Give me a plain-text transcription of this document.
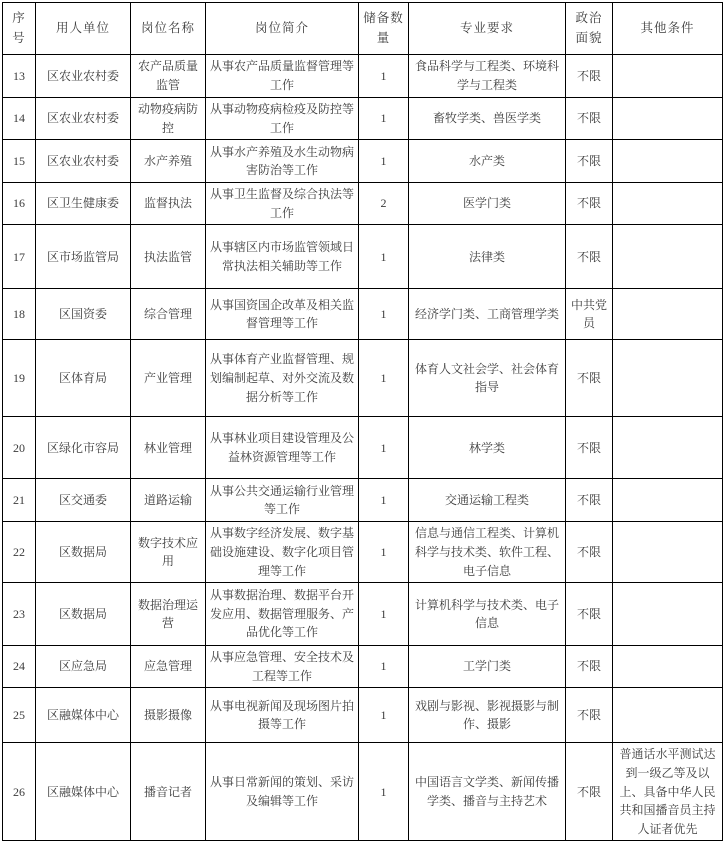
序号	用人单位	岗位名称	岗位简介	储备数量	专业要求	政治面貌	其他条件
13	区农业农村委	农产品质量监管	从事农产品质量监督管理等工作	1	食品科学与工程类、环境科学与工程类	不限	
14	区农业农村委	动物疫病防控	从事动物疫病检疫及防控等工作	1	畜牧学类、兽医学类	不限	
15	区农业农村委	水产养殖	从事水产养殖及水生动物病害防治等工作	1	水产类	不限	
16	区卫生健康委	监督执法	从事卫生监督及综合执法等工作	2	医学门类	不限	
17	区市场监管局	执法监管	从事辖区内市场监管领域日常执法相关辅助等工作	1	法律类	不限	
18	区国资委	综合管理	从事国资国企改革及相关监督管理等工作	1	经济学门类、工商管理学类	中共党员	
19	区体育局	产业管理	从事体育产业监督管理、规划编制起草、对外交流及数据分析等工作	1	体育人文社会学、社会体育指导	不限	
20	区绿化市容局	林业管理	从事林业项目建设管理及公益林资源管理等工作	1	林学类	不限	
21	区交通委	道路运输	从事公共交通运输行业管理等工作	1	交通运输工程类	不限	
22	区数据局	数字技术应用	从事数字经济发展、数字基础设施建设、数字化项目管理等工作	1	信息与通信工程类、计算机科学与技术类、软件工程、电子信息	不限	
23	区数据局	数据治理运营	从事数据治理、数据平台开发应用、数据管理服务、产品优化等工作	1	计算机科学与技术类、电子信息	不限	
24	区应急局	应急管理	从事应急管理、安全技术及工程等工作	1	工学门类	不限	
25	区融媒体中心	摄影摄像	从事电视新闻及现场图片拍摄等工作	1	戏剧与影视、影视摄影与制作、摄影	不限	
26	区融媒体中心	播音记者	从事日常新闻的策划、采访及编辑等工作	1	中国语言文学类、新闻传播学类、播音与主持艺术	不限	普通话水平测试达到一级乙等及以上、具备中华人民共和国播音员主持人证者优先
